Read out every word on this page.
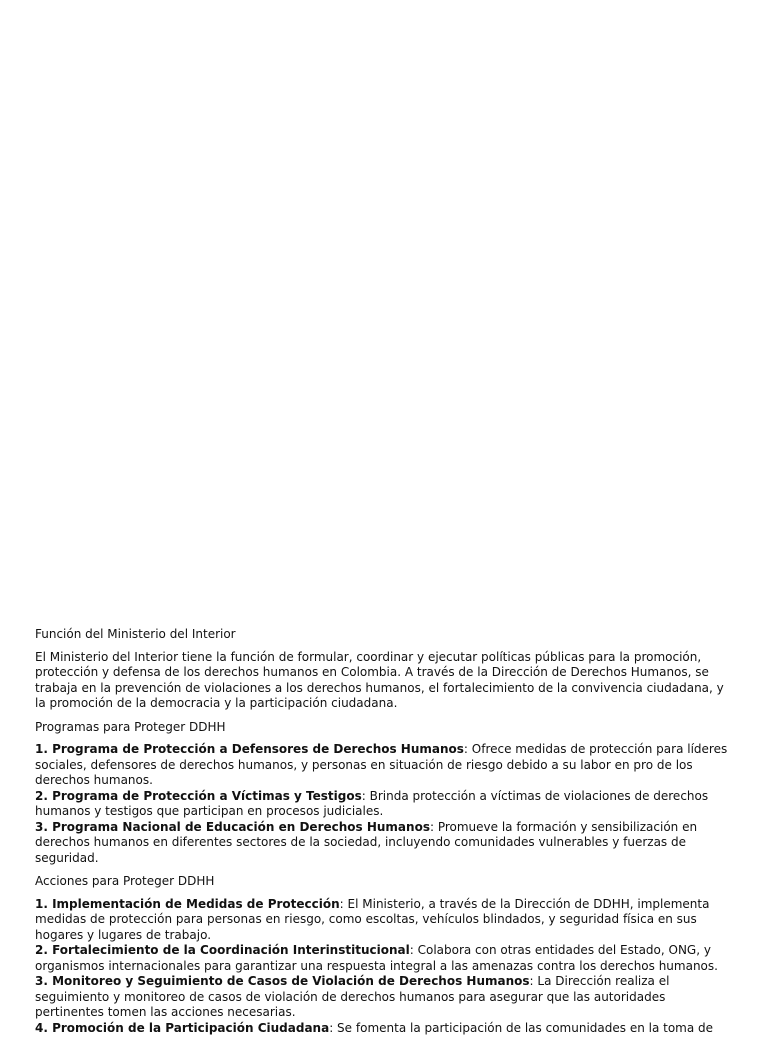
Función del Ministerio del Interior
El Ministerio del Interior tiene la función de formular, coordinar y ejecutar políticas públicas para la promoción, protección y defensa de los derechos humanos en Colombia. A través de la Dirección de Derechos Humanos, se trabaja en la prevención de violaciones a los derechos humanos, el fortalecimiento de la convivencia ciudadana, y la promoción de la democracia y la participación ciudadana.
Programas para Proteger DDHH
1. Programa de Protección a Defensores de Derechos Humanos: Ofrece medidas de protección para líderes sociales, defensores de derechos humanos, y personas en situación de riesgo debido a su labor en pro de los derechos humanos.
2. Programa de Protección a Víctimas y Testigos: Brinda protección a víctimas de violaciones de derechos humanos y testigos que participan en procesos judiciales.
3. Programa Nacional de Educación en Derechos Humanos: Promueve la formación y sensibilización en derechos humanos en diferentes sectores de la sociedad, incluyendo comunidades vulnerables y fuerzas de seguridad.
Acciones para Proteger DDHH
1. Implementación de Medidas de Protección: El Ministerio, a través de la Dirección de DDHH, implementa medidas de protección para personas en riesgo, como escoltas, vehículos blindados, y seguridad física en sus hogares y lugares de trabajo.
2. Fortalecimiento de la Coordinación Interinstitucional: Colabora con otras entidades del Estado, ONG, y organismos internacionales para garantizar una respuesta integral a las amenazas contra los derechos humanos.
3. Monitoreo y Seguimiento de Casos de Violación de Derechos Humanos: La Dirección realiza el seguimiento y monitoreo de casos de violación de derechos humanos para asegurar que las autoridades pertinentes tomen las acciones necesarias.
4. Promoción de la Participación Ciudadana: Se fomenta la participación de las comunidades en la toma de
